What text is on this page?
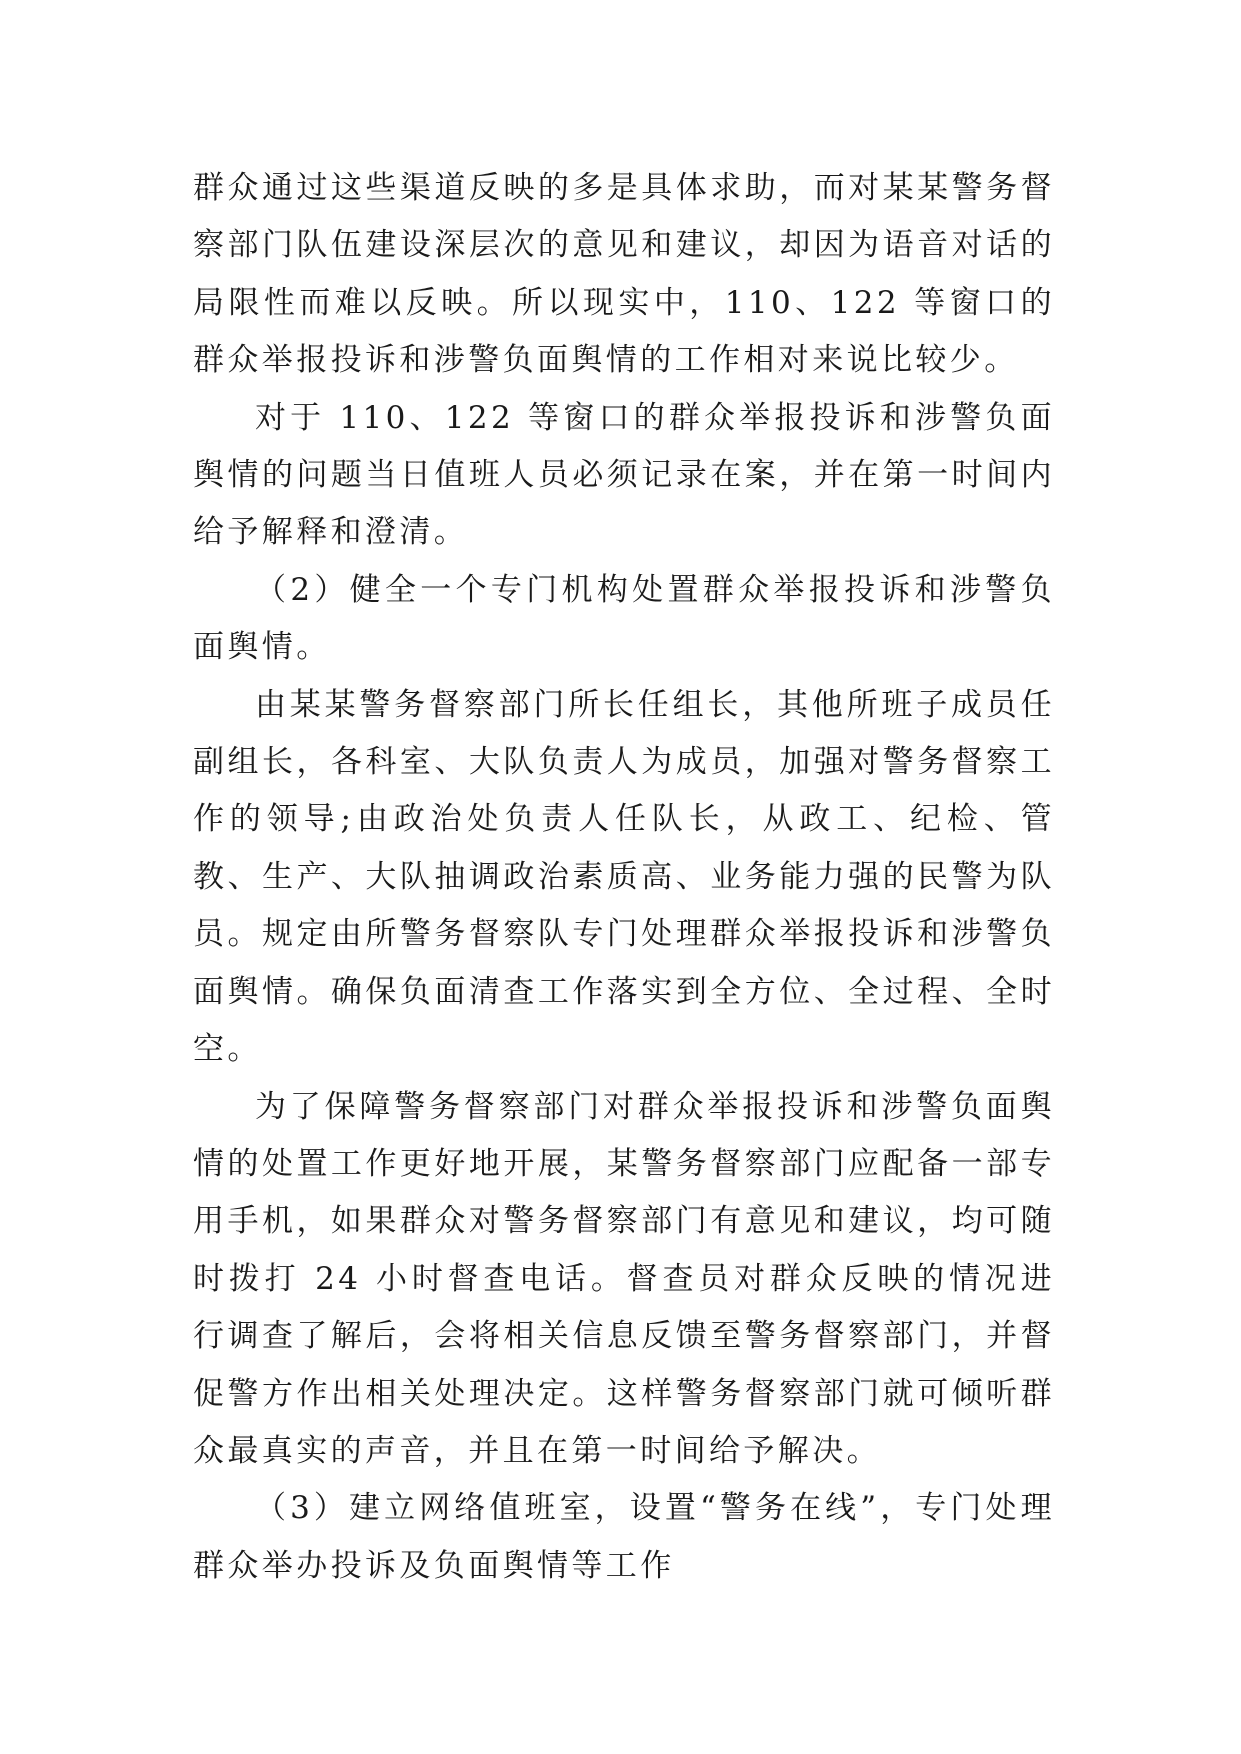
群众通过这些渠道反映的多是具体求助，而对某某警务督察部门队伍建设深层次的意见和建议，却因为语音对话的局限性而难以反映。所以现实中，110、122 等窗口的群众举报投诉和涉警负面舆情的工作相对来说比较少。

对于 110、122 等窗口的群众举报投诉和涉警负面舆情的问题当日值班人员必须记录在案，并在第一时间内给予解释和澄清。

（2）健全一个专门机构处置群众举报投诉和涉警负面舆情。

由某某警务督察部门所长任组长，其他所班子成员任副组长，各科室、大队负责人为成员，加强对警务督察工作的领导;由政治处负责人任队长，从政工、纪检、管教、生产、大队抽调政治素质高、业务能力强的民警为队员。规定由所警务督察队专门处理群众举报投诉和涉警负面舆情。确保负面清查工作落实到全方位、全过程、全时空。

为了保障警务督察部门对群众举报投诉和涉警负面舆情的处置工作更好地开展，某警务督察部门应配备一部专用手机，如果群众对警务督察部门有意见和建议，均可随时拨打 24 小时督查电话。督查员对群众反映的情况进行调查了解后，会将相关信息反馈至警务督察部门，并督促警方作出相关处理决定。这样警务督察部门就可倾听群众最真实的声音，并且在第一时间给予解决。

（3）建立网络值班室，设置“警务在线”，专门处理群众举办投诉及负面舆情等工作
